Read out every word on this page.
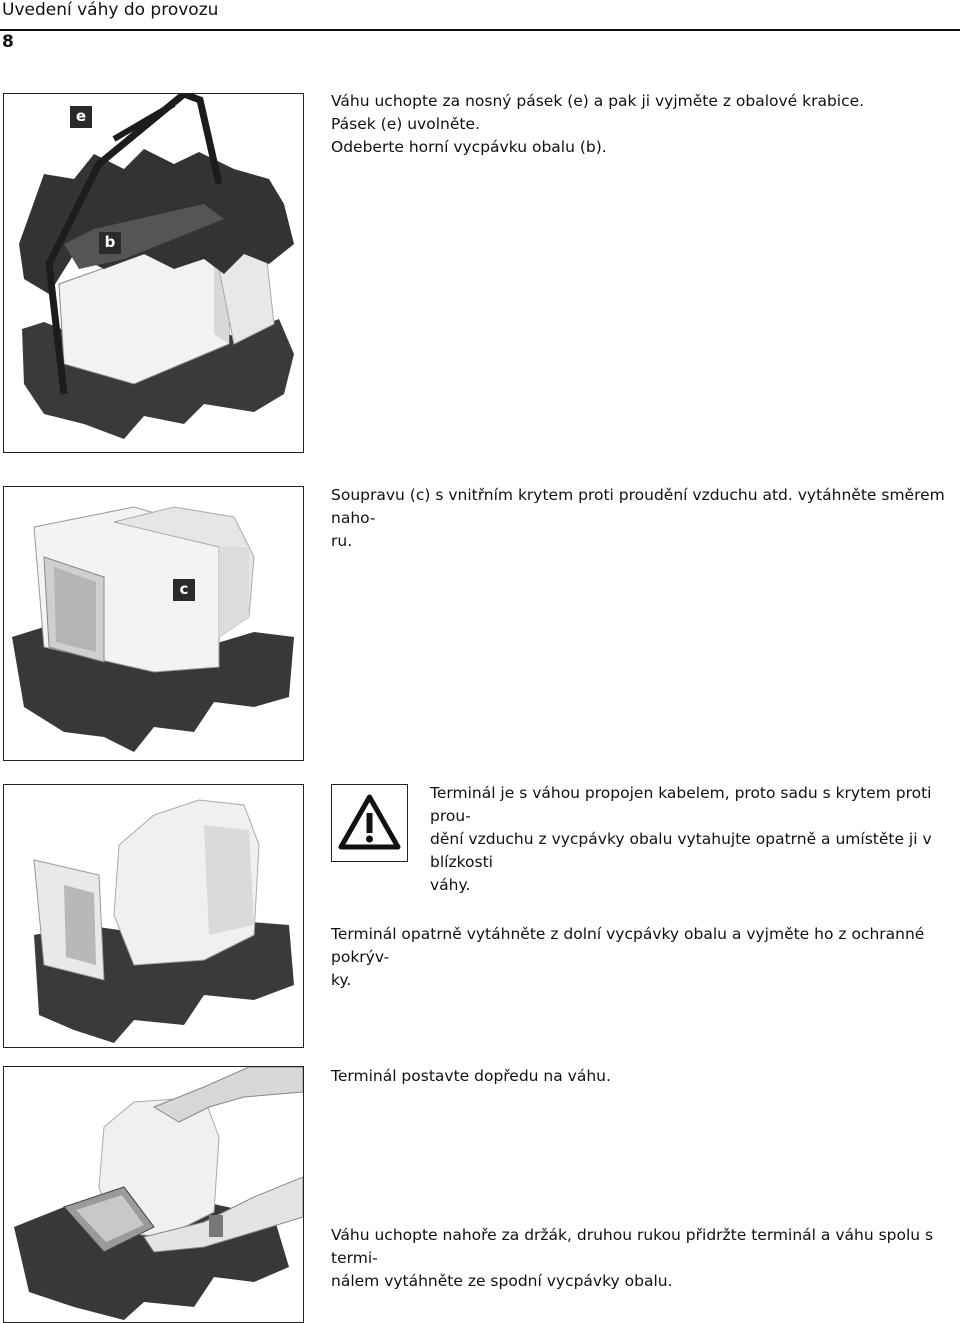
Uvedení váhy do provozu
8
e
b

Váhu uchopte za nosný pásek (e) a pak ji vyjměte z obalové krabice.

Pásek (e) uvolněte.

Odeberte horní vycpávku obalu (b).

c

Soupravu (c) s vnitřním krytem proti proudění vzduchu atd. vytáhněte směrem naho-

ru.

Terminál je s váhou propojen kabelem, proto sadu s krytem proti prou-

dění vzduchu z vycpávky obalu vytahujte opatrně a umístěte ji v blízkosti

váhy.

Terminál opatrně vytáhněte z dolní vycpávky obalu a vyjměte ho z ochranné pokrýv-

ky.

Terminál postavte dopředu na váhu.

Váhu uchopte nahoře za držák, druhou rukou přidržte terminál a váhu spolu s termi-

nálem vytáhněte ze spodní vycpávky obalu.
